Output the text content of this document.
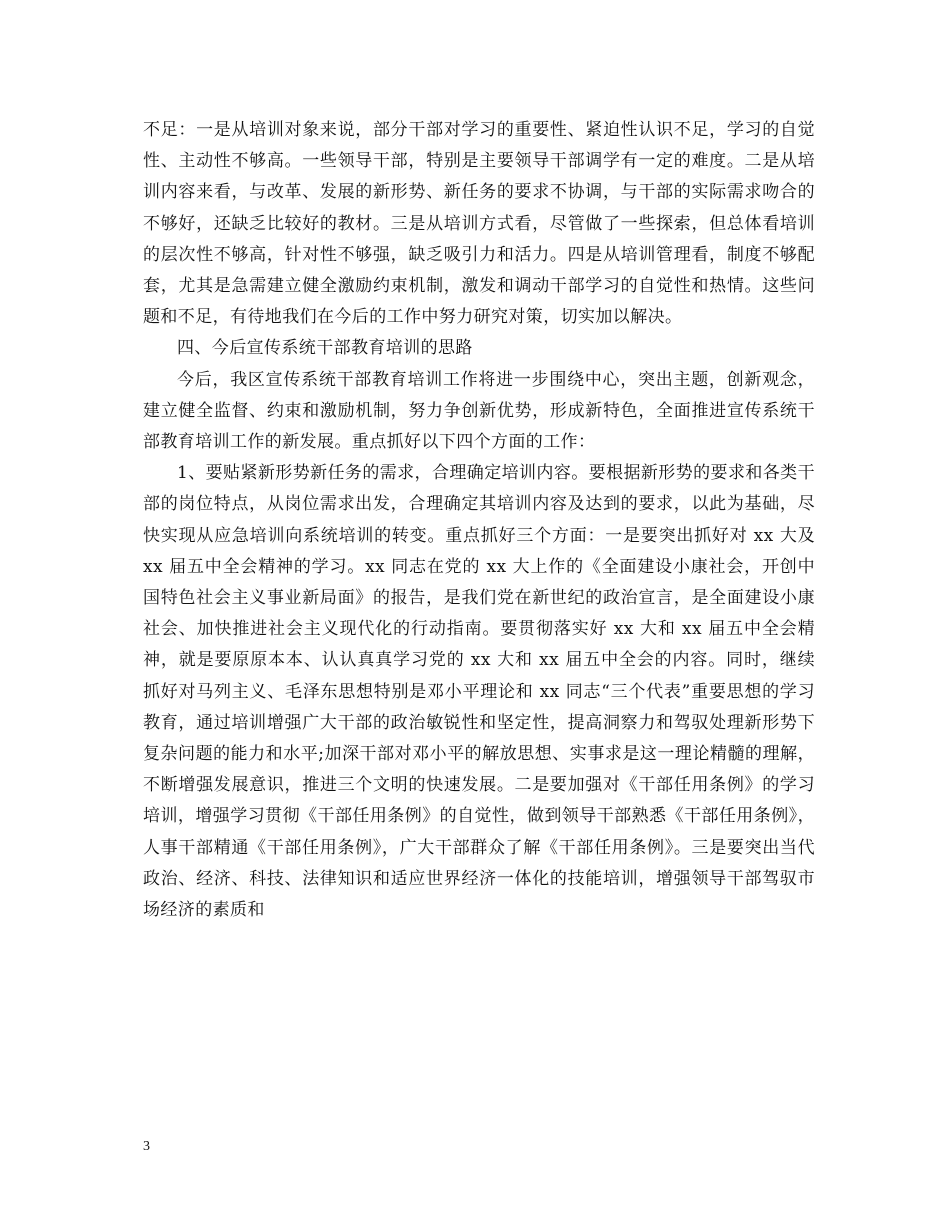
不足：一是从培训对象来说，部分干部对学习的重要性、紧迫性认识不足，学习的自觉性、主动性不够高。一些领导干部，特别是主要领导干部调学有一定的难度。二是从培训内容来看，与改革、发展的新形势、新任务的要求不协调，与干部的实际需求吻合的不够好，还缺乏比较好的教材。三是从培训方式看，尽管做了一些探索，但总体看培训的层次性不够高，针对性不够强，缺乏吸引力和活力。四是从培训管理看，制度不够配套，尤其是急需建立健全激励约束机制，激发和调动干部学习的自觉性和热情。这些问题和不足，有待地我们在今后的工作中努力研究对策，切实加以解决。

四、今后宣传系统干部教育培训的思路

今后，我区宣传系统干部教育培训工作将进一步围绕中心，突出主题，创新观念，建立健全监督、约束和激励机制，努力争创新优势，形成新特色，全面推进宣传系统干部教育培训工作的新发展。重点抓好以下四个方面的工作：

1、要贴紧新形势新任务的需求，合理确定培训内容。要根据新形势的要求和各类干部的岗位特点，从岗位需求出发，合理确定其培训内容及达到的要求，以此为基础，尽快实现从应急培训向系统培训的转变。重点抓好三个方面：一是要突出抓好对 xx 大及 xx 届五中全会精神的学习。xx 同志在党的 xx 大上作的《全面建设小康社会，开创中国特色社会主义事业新局面》的报告，是我们党在新世纪的政治宣言，是全面建设小康社会、加快推进社会主义现代化的行动指南。要贯彻落实好 xx 大和 xx 届五中全会精神，就是要原原本本、认认真真学习党的 xx 大和 xx 届五中全会的内容。同时，继续抓好对马列主义、毛泽东思想特别是邓小平理论和 xx 同志“三个代表”重要思想的学习教育，通过培训增强广大干部的政治敏锐性和坚定性，提高洞察力和驾驭处理新形势下复杂问题的能力和水平;加深干部对邓小平的解放思想、实事求是这一理论精髓的理解，不断增强发展意识，推进三个文明的快速发展。二是要加强对《干部任用条例》的学习培训，增强学习贯彻《干部任用条例》的自觉性，做到领导干部熟悉《干部任用条例》，人事干部精通《干部任用条例》，广大干部群众了解《干部任用条例》。三是要突出当代政治、经济、科技、法律知识和适应世界经济一体化的技能培训，增强领导干部驾驭市场经济的素质和

3
